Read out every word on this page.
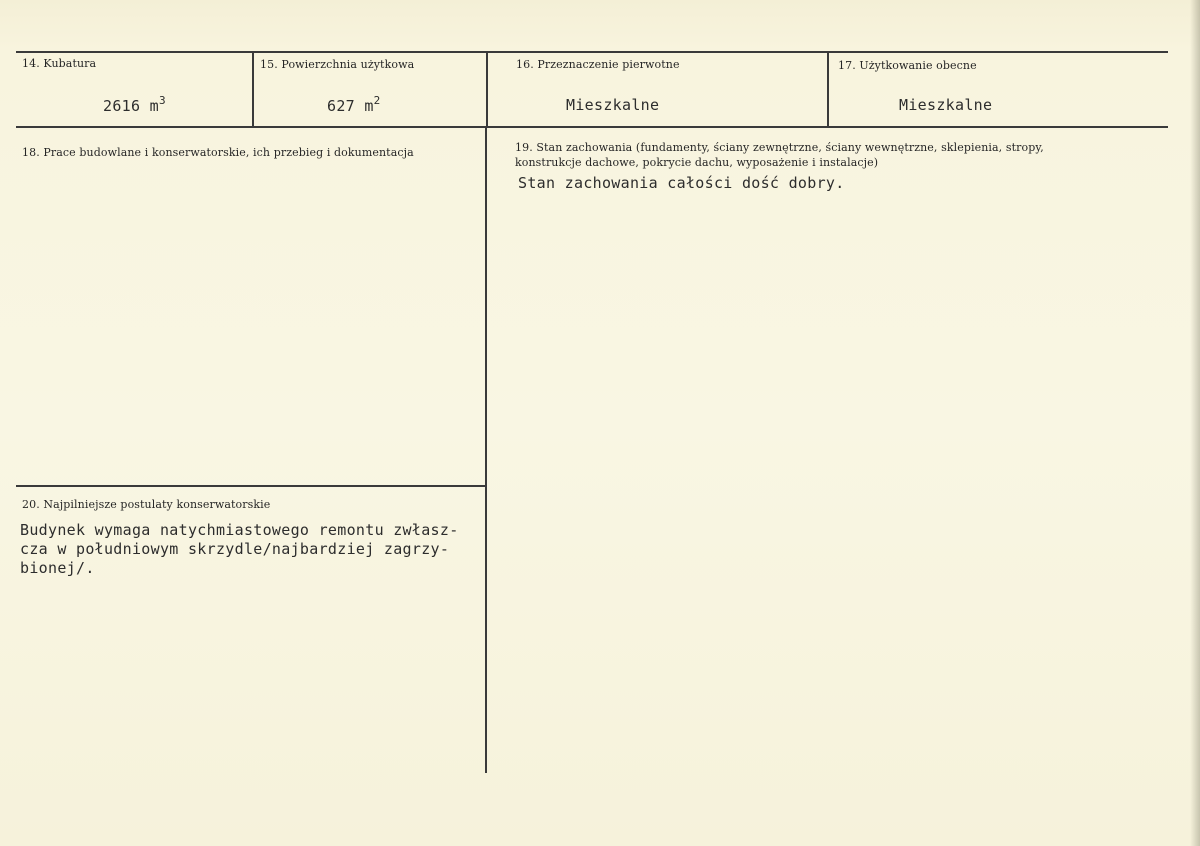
14. Kubatura
2616 $m^3$
15. Powierzchnia użytkowa
627 $m^2$
16. Przeznaczenie pierwotne
Mieszkalne
17. Użytkowanie obecne
Mieszkalne
18. Prace budowlane i konserwatorskie, ich przebieg i dokumentacja	19. Stan zachowania (fundamenty, ściany zewnętrzne, ściany wewnętrzne, sklepienia, stropy,
konstrukcje dachowe, pokrycie dachu, wyposażenie i instalacje)
Stan zachowania całości dość dobry.
20. Najpilniejsze postulaty konserwatorskie
Budynek wymaga natychmiastowego remontu zwłasz-
cza w południowym skrzydle/najbardziej zagrzy-
bionej/.
